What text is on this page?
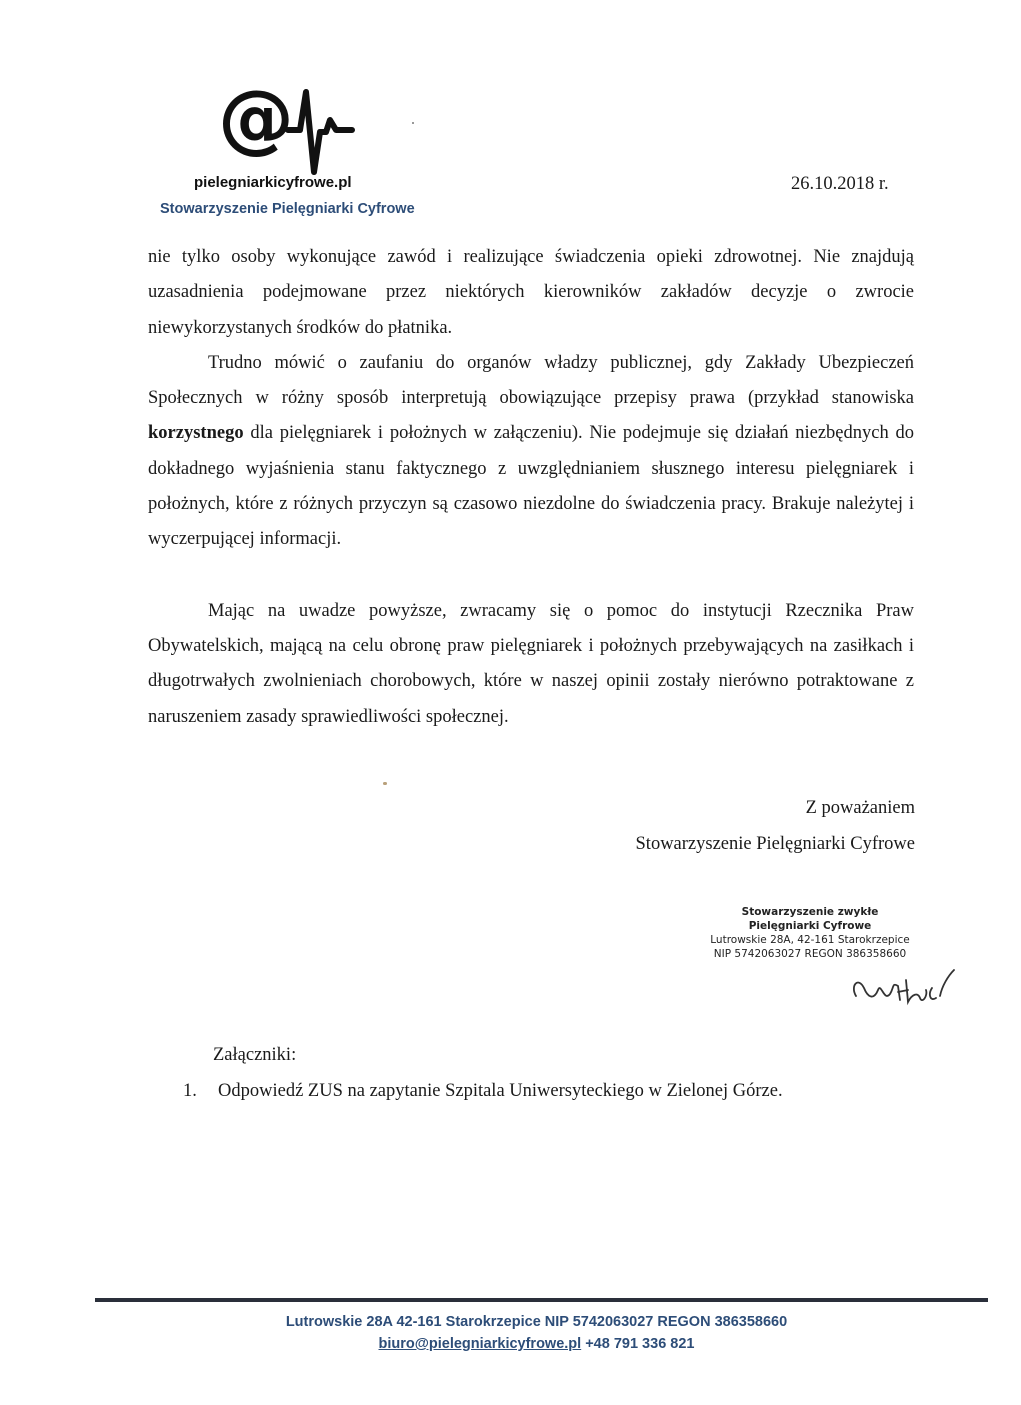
@
pielegniarkicyfrowe.pl
Stowarzyszenie Pielęgniarki Cyfrowe
26.10.2018 r.

nie tylko osoby wykonujące zawód i realizujące świadczenia opieki zdrowotnej. Nie znajdują uzasadnienia podejmowane przez niektórych kierowników zakładów decyzje o zwrocie niewykorzystanych środków do płatnika.

Trudno mówić o zaufaniu do organów władzy publicznej, gdy Zakłady Ubezpieczeń Społecznych w różny sposób interpretują obowiązujące przepisy prawa (przykład stanowiska korzystnego dla pielęgniarek i położnych w załączeniu). Nie podejmuje się działań niezbędnych do dokładnego wyjaśnienia stanu faktycznego z uwzględnianiem słusznego interesu pielęgniarek i położnych, które z różnych przyczyn są czasowo niezdolne do świadczenia pracy. Brakuje należytej i wyczerpującej informacji.

Mając na uwadze powyższe, zwracamy się o pomoc do instytucji Rzecznika Praw Obywatelskich, mającą na celu obronę praw pielęgniarek i położnych przebywających na zasiłkach i długotrwałych zwolnieniach chorobowych, które w naszej opinii zostały nierówno potraktowane z naruszeniem zasady sprawiedliwości społecznej.

Z poważaniem
Stowarzyszenie Pielęgniarki Cyfrowe
Stowarzyszenie zwykłe
Pielęgniarki Cyfrowe
Lutrowskie 28A, 42-161 Starokrzepice
NIP 5742063027 REGON 386358660
Załączniki:
1. Odpowiedź ZUS na zapytanie Szpitala Uniwersyteckiego w Zielonej Górze.
Lutrowskie 28A 42-161 Starokrzepice NIP 5742063027 REGON 386358660
biuro@pielegniarkicyfrowe.pl +48 791 336 821
